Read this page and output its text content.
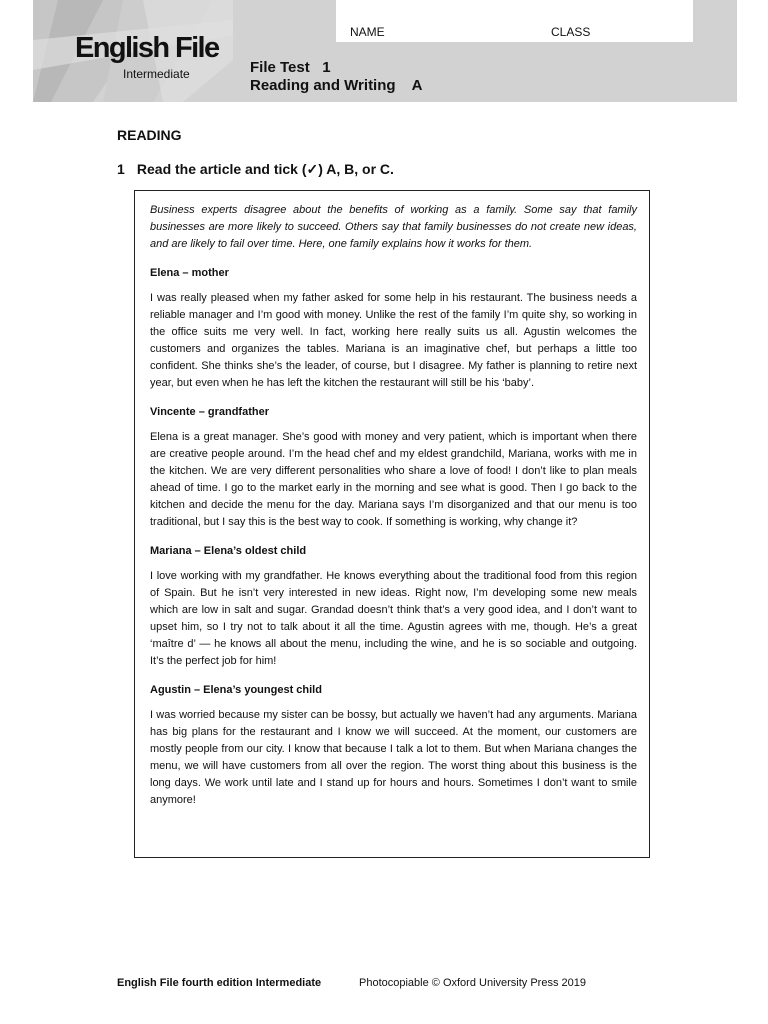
English File
Intermediate
NAME	CLASS
File Test   1
Reading and Writing    A
READING
1 Read the article and tick (✓) A, B, or C.

Business experts disagree about the benefits of working as a family. Some say that family businesses are more likely to succeed. Others say that family businesses do not create new ideas, and are likely to fail over time. Here, one family explains how it works for them.

Elena – mother

I was really pleased when my father asked for some help in his restaurant. The business needs a reliable manager and I’m good with money. Unlike the rest of the family I’m quite shy, so working in the office suits me very well. In fact, working here really suits us all. Agustin welcomes the customers and organizes the tables. Mariana is an imaginative chef, but perhaps a little too confident. She thinks she’s the leader, of course, but I disagree. My father is planning to retire next year, but even when he has left the kitchen the restaurant will still be his ‘baby’.

Vincente – grandfather

Elena is a great manager. She’s good with money and very patient, which is important when there are creative people around. I’m the head chef and my eldest grandchild, Mariana, works with me in the kitchen. We are very different personalities who share a love of food! I don’t like to plan meals ahead of time. I go to the market early in the morning and see what is good. Then I go back to the kitchen and decide the menu for the day. Mariana says I’m disorganized and that our menu is too traditional, but I say this is the best way to cook. If something is working, why change it?

Mariana – Elena’s oldest child

I love working with my grandfather. He knows everything about the traditional food from this region of Spain. But he isn’t very interested in new ideas. Right now, I’m developing some new meals which are low in salt and sugar. Grandad doesn’t think that’s a very good idea, and I don’t want to upset him, so I try not to talk about it all the time. Agustin agrees with me, though. He’s a great ‘maître d’ — he knows all about the menu, including the wine, and he is so sociable and outgoing. It’s the perfect job for him!

Agustin – Elena’s youngest child

I was worried because my sister can be bossy, but actually we haven’t had any arguments. Mariana has big plans for the restaurant and I know we will succeed. At the moment, our customers are mostly people from our city. I know that because I talk a lot to them. But when Mariana changes the menu, we will have customers from all over the region. The worst thing about this business is the long days. We work until late and I stand up for hours and hours. Sometimes I don’t want to smile anymore!

English File fourth edition Intermediate	Photocopiable © Oxford University Press 2019
